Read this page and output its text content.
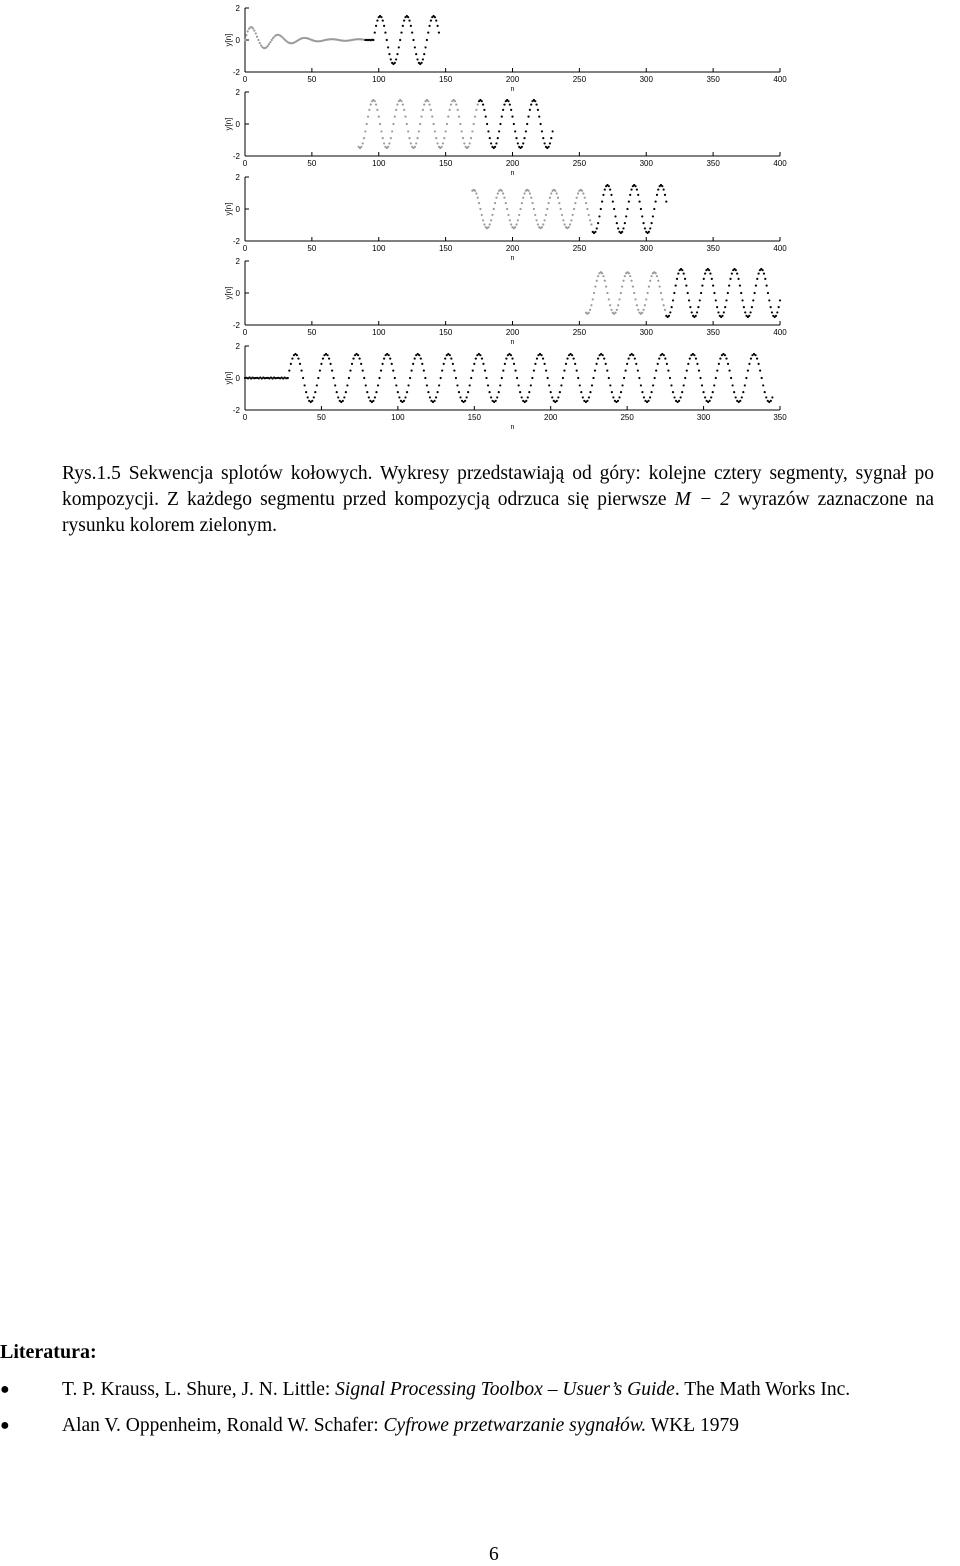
-2
0
2
0	50	100	150	200	250	300	350	400
n
y[n]
-2
0
2
0	50	100	150	200	250	300	350	400
n
y[n]
-2
0
2
0	50	100	150	200	250	300	350	400
n
y[n]
-2
0
2
0	50	100	150	200	250	300	350	400
n
y[n]
-2
0
2
0	50	100	150	200	250	300	350
n
y[n]
Rys.1.5 Sekwencja splotów kołowych. Wykresy przedstawiają od góry: kolejne cztery segmenty, sygnał po kompozycji. Z każdego segmentu przed kompozycją odrzuca się pierwsze M − 2 wyrazów zaznaczone na rysunku kolorem zielonym.
Literatura:
●	T. P. Krauss, L. Shure, J. N. Little: Signal Processing Toolbox – Usuer’s Guide. The Math Works Inc.
●	Alan V. Oppenheim, Ronald W. Schafer: Cyfrowe przetwarzanie sygnałów. WKŁ 1979
6
